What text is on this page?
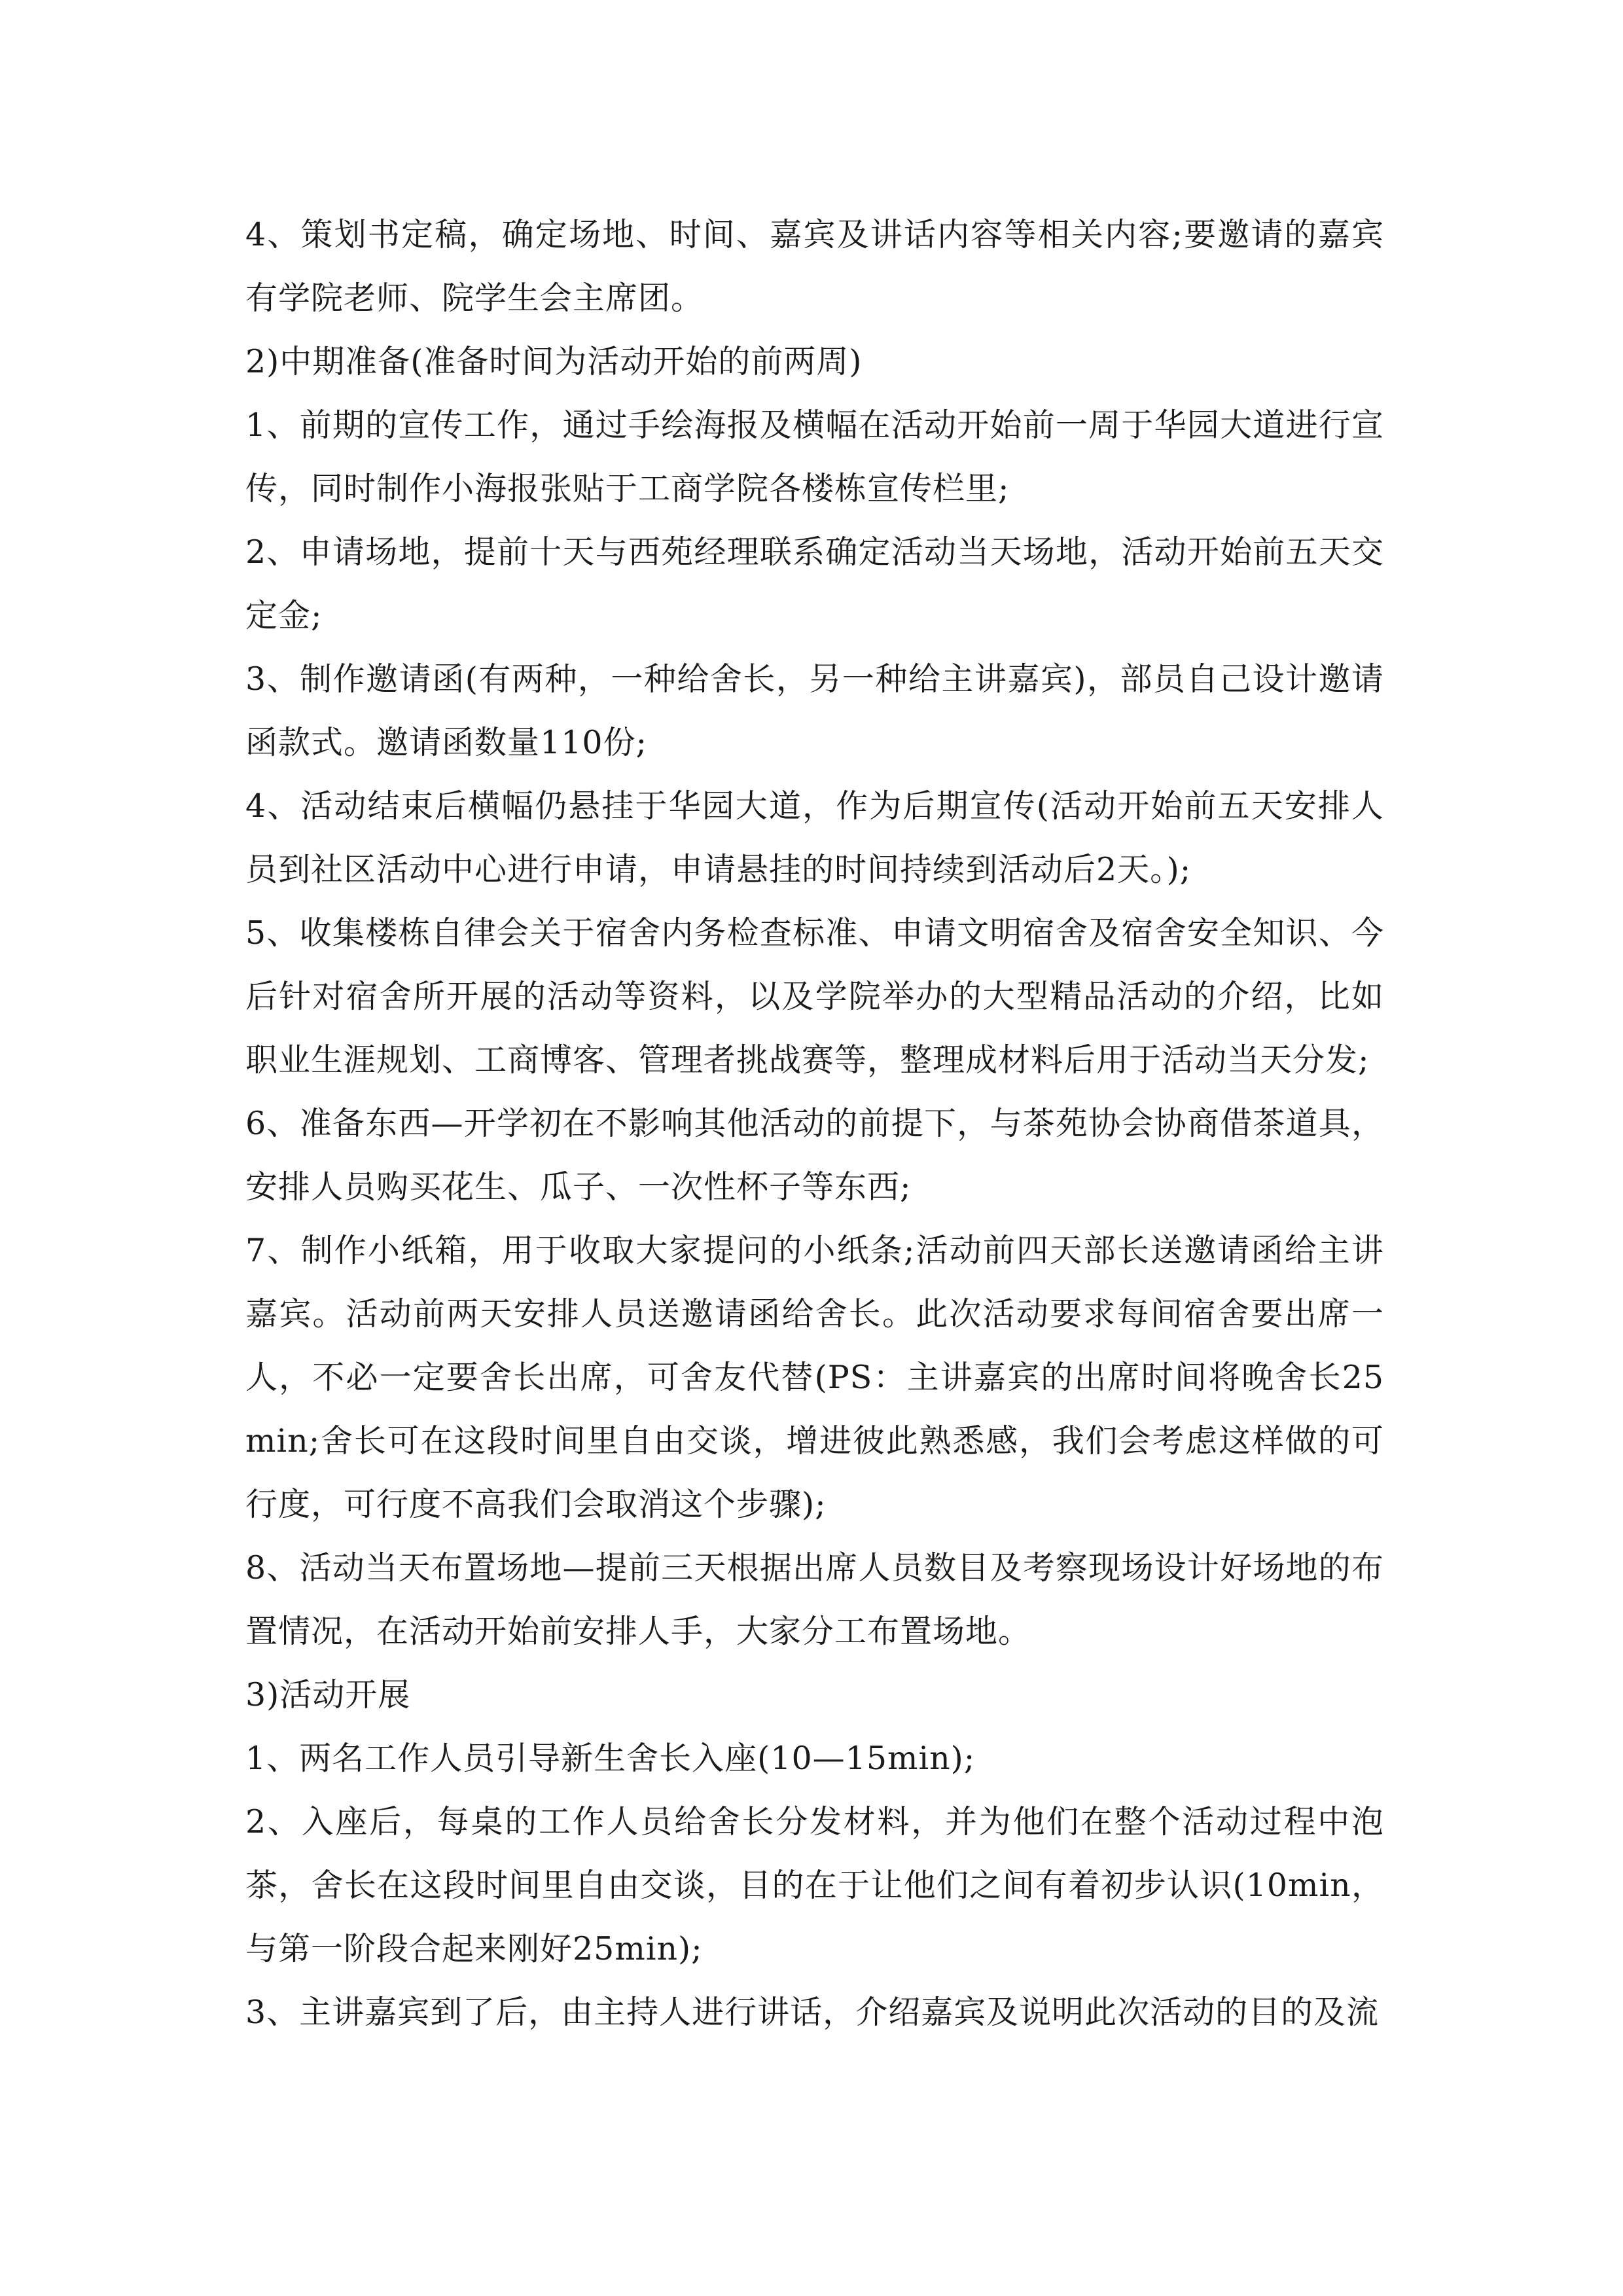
4、策划书定稿，确定场地、时间、嘉宾及讲话内容等相关内容;要邀请的嘉宾有学院老师、院学生会主席团。

2)中期准备(准备时间为活动开始的前两周)

1、前期的宣传工作，通过手绘海报及横幅在活动开始前一周于华园大道进行宣传，同时制作小海报张贴于工商学院各楼栋宣传栏里;

2、申请场地，提前十天与西苑经理联系确定活动当天场地，活动开始前五天交定金;

3、制作邀请函(有两种，一种给舍长，另一种给主讲嘉宾)，部员自己设计邀请函款式。邀请函数量110份;

4、活动结束后横幅仍悬挂于华园大道，作为后期宣传(活动开始前五天安排人员到社区活动中心进行申请，申请悬挂的时间持续到活动后2天。);

5、收集楼栋自律会关于宿舍内务检查标准、申请文明宿舍及宿舍安全知识、今后针对宿舍所开展的活动等资料，以及学院举办的大型精品活动的介绍，比如职业生涯规划、工商博客、管理者挑战赛等，整理成材料后用于活动当天分发;

6、准备东西—开学初在不影响其他活动的前提下，与茶苑协会协商借茶道具，安排人员购买花生、瓜子、一次性杯子等东西;

7、制作小纸箱，用于收取大家提问的小纸条;活动前四天部长送邀请函给主讲嘉宾。活动前两天安排人员送邀请函给舍长。此次活动要求每间宿舍要出席一人，不必一定要舍长出席，可舍友代替(PS：主讲嘉宾的出席时间将晚舍长25min;舍长可在这段时间里自由交谈，增进彼此熟悉感，我们会考虑这样做的可行度，可行度不高我们会取消这个步骤);

8、活动当天布置场地—提前三天根据出席人员数目及考察现场设计好场地的布置情况，在活动开始前安排人手，大家分工布置场地。

3)活动开展

1、两名工作人员引导新生舍长入座(10—15min);

2、入座后，每桌的工作人员给舍长分发材料，并为他们在整个活动过程中泡茶，舍长在这段时间里自由交谈，目的在于让他们之间有着初步认识(10min，与第一阶段合起来刚好25min);

3、主讲嘉宾到了后，由主持人进行讲话，介绍嘉宾及说明此次活动的目的及流
